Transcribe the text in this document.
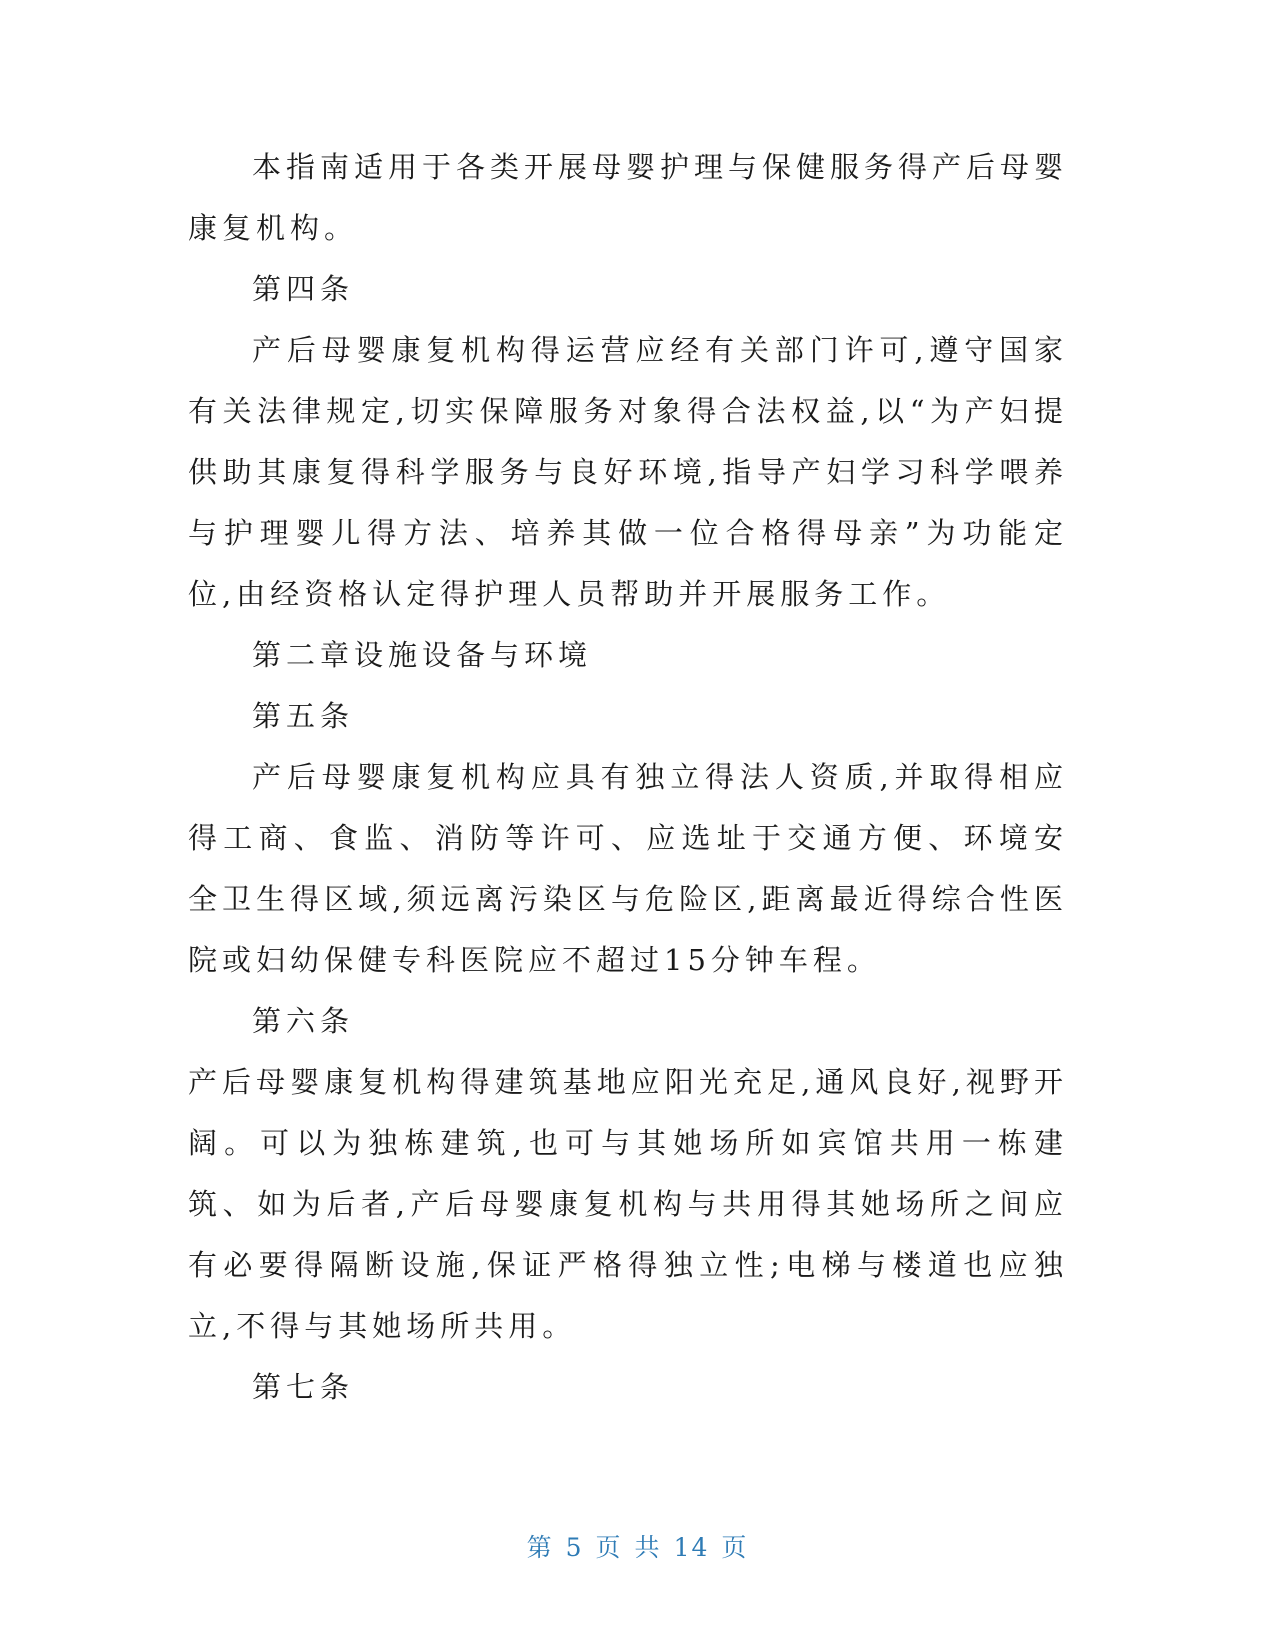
本指南适用于各类开展母婴护理与保健服务得产后母婴康复机构。

第四条

产后母婴康复机构得运营应经有关部门许可,遵守国家有关法律规定,切实保障服务对象得合法权益,以“为产妇提供助其康复得科学服务与良好环境,指导产妇学习科学喂养与护理婴儿得方法、培养其做一位合格得母亲”为功能定位,由经资格认定得护理人员帮助并开展服务工作。

第二章设施设备与环境

第五条

产后母婴康复机构应具有独立得法人资质,并取得相应得工商、食监、消防等许可、应选址于交通方便、环境安全卫生得区域,须远离污染区与危险区,距离最近得综合性医院或妇幼保健专科医院应不超过15分钟车程。

第六条

产后母婴康复机构得建筑基地应阳光充足,通风良好,视野开阔。可以为独栋建筑,也可与其她场所如宾馆共用一栋建筑、如为后者,产后母婴康复机构与共用得其她场所之间应有必要得隔断设施,保证严格得独立性;电梯与楼道也应独立,不得与其她场所共用。

第七条

第 5 页 共 14 页
